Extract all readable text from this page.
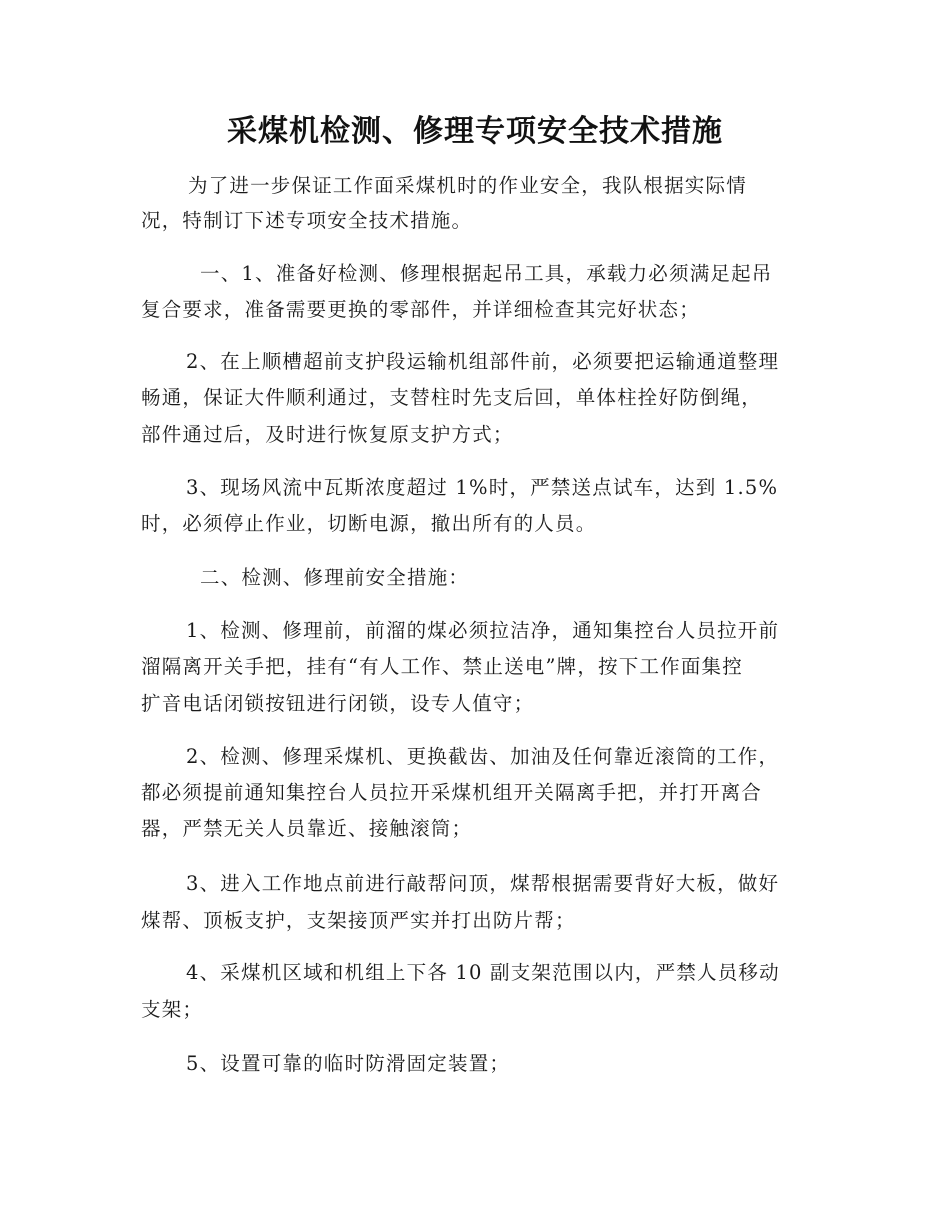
采煤机检测、修理专项安全技术措施
为了进一步保证工作面采煤机时的作业安全，我队根据实际情
况，特制订下述专项安全技术措施。
一、1、准备好检测、修理根据起吊工具，承载力必须满足起吊
复合要求，准备需要更换的零部件，并详细检查其完好状态；
2、在上顺槽超前支护段运输机组部件前，必须要把运输通道整理
畅通，保证大件顺利通过，支替柱时先支后回，单体柱拴好防倒绳，
部件通过后，及时进行恢复原支护方式；
3、现场风流中瓦斯浓度超过 1%时，严禁送点试车，达到 1.5%
时，必须停止作业，切断电源，撤出所有的人员。
二、检测、修理前安全措施：
1、检测、修理前，前溜的煤必须拉洁净，通知集控台人员拉开前
溜隔离开关手把，挂有“有人工作、禁止送电”牌，按下工作面集控
扩音电话闭锁按钮进行闭锁，设专人值守；
2、检测、修理采煤机、更换截齿、加油及任何靠近滚筒的工作，
都必须提前通知集控台人员拉开采煤机组开关隔离手把，并打开离合
器，严禁无关人员靠近、接触滚筒；
3、进入工作地点前进行敲帮问顶，煤帮根据需要背好大板，做好
煤帮、顶板支护，支架接顶严实并打出防片帮；
4、采煤机区域和机组上下各 10 副支架范围以内，严禁人员移动
支架；
5、设置可靠的临时防滑固定装置；
